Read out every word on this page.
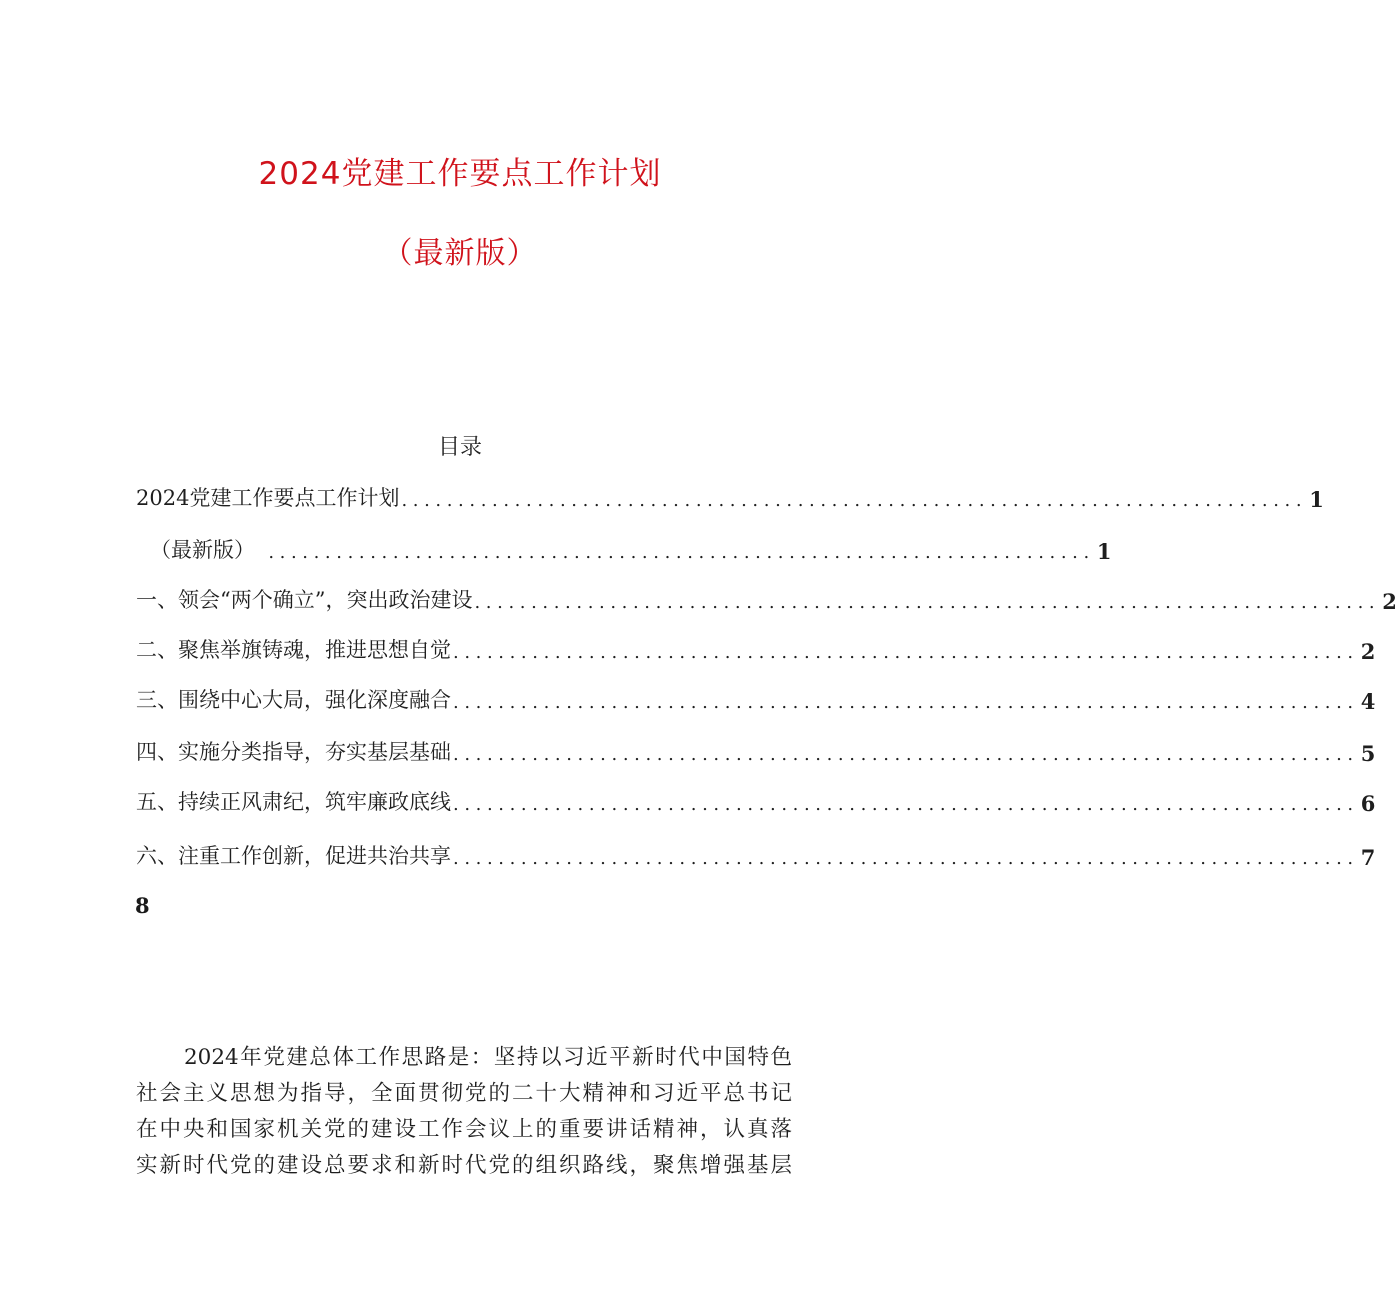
2024党建工作要点工作计划
（最新版）
目录
2024党建工作要点工作计划 ................................................................................ 1
（最新版） ......................................................................... 1
一、领会“两个确立”，突出政治建设 ................................................................................ 2
二、聚焦举旗铸魂，推进思想自觉 ................................................................................ 2
三、围绕中心大局，强化深度融合 ................................................................................ 4
四、实施分类指导，夯实基层基础 ................................................................................ 5
五、持续正风肃纪，筑牢廉政底线 ................................................................................ 6
六、注重工作创新，促进共治共享 ................................................................................ 7
8
2024年党建总体工作思路是：坚持以习近平新时代中国特色
社会主义思想为指导，全面贯彻党的二十大精神和习近平总书记
在中央和国家机关党的建设工作会议上的重要讲话精神，认真落
实新时代党的建设总要求和新时代党的组织路线，聚焦增强基层
